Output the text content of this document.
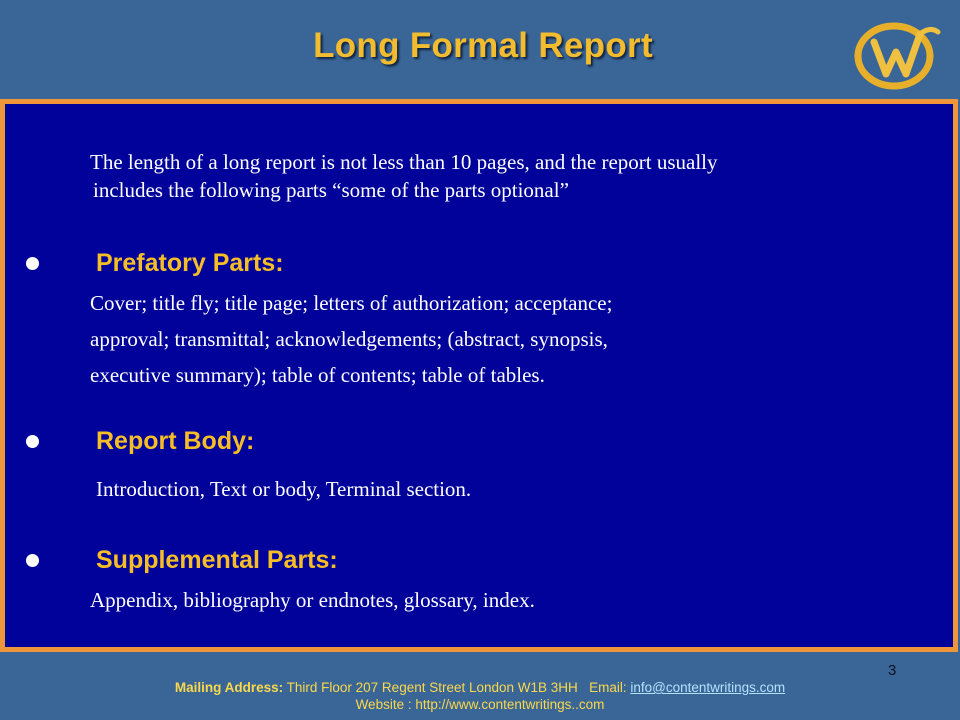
Long Formal Report
The length of a long report is not less than 10 pages, and the report usually
includes the following parts “some of the parts optional”
Prefatory Parts:
Cover; title fly; title page; letters of authorization; acceptance;
approval; transmittal; acknowledgements; (abstract, synopsis,
executive summary); table of contents; table of tables.
Report Body:
Introduction, Text or body, Terminal section.
Supplemental Parts:
Appendix, bibliography or endnotes, glossary, index.
3
Mailing Address: Third Floor 207 Regent Street London W1B 3HH Email: info@contentwritings.com
Website : http://www.contentwritings..com
